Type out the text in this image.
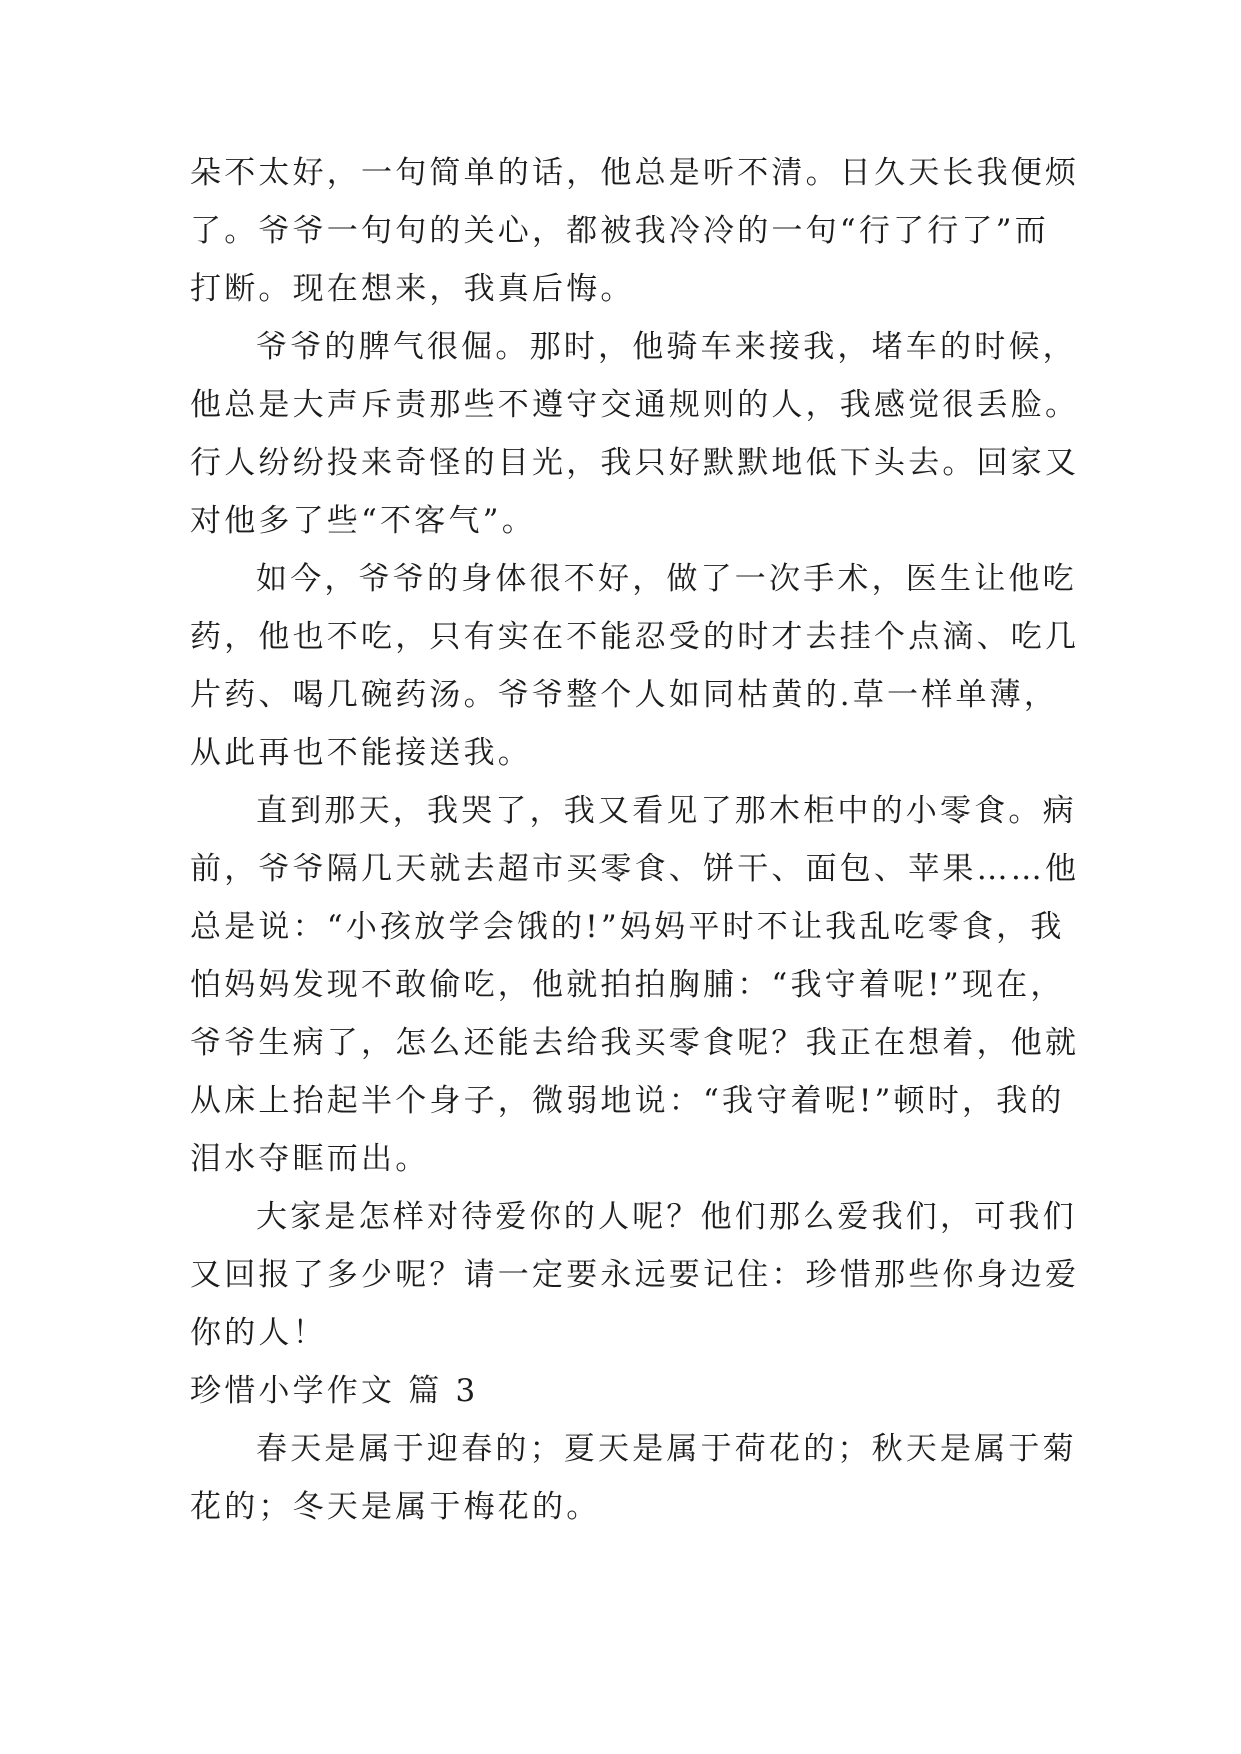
朵不太好，一句简单的话，他总是听不清。日久天长我便烦
了。爷爷一句句的关心，都被我冷冷的一句“行了行了”而
打断。现在想来，我真后悔。
爷爷的脾气很倔。那时，他骑车来接我，堵车的时候，
他总是大声斥责那些不遵守交通规则的人，我感觉很丢脸。
行人纷纷投来奇怪的目光，我只好默默地低下头去。回家又
对他多了些“不客气”。
如今，爷爷的身体很不好，做了一次手术，医生让他吃
药，他也不吃，只有实在不能忍受的时才去挂个点滴、吃几
片药、喝几碗药汤。爷爷整个人如同枯黄的.草一样单薄，
从此再也不能接送我。
直到那天，我哭了，我又看见了那木柜中的小零食。病
前，爷爷隔几天就去超市买零食、饼干、面包、苹果……他
总是说：“小孩放学会饿的!”妈妈平时不让我乱吃零食，我
怕妈妈发现不敢偷吃，他就拍拍胸脯：“我守着呢!”现在，
爷爷生病了，怎么还能去给我买零食呢？我正在想着，他就
从床上抬起半个身子，微弱地说：“我守着呢!”顿时，我的
泪水夺眶而出。
大家是怎样对待爱你的人呢？他们那么爱我们，可我们
又回报了多少呢？请一定要永远要记住：珍惜那些你身边爱
你的人！
珍惜小学作文 篇 3
春天是属于迎春的；夏天是属于荷花的；秋天是属于菊
花的；冬天是属于梅花的。
